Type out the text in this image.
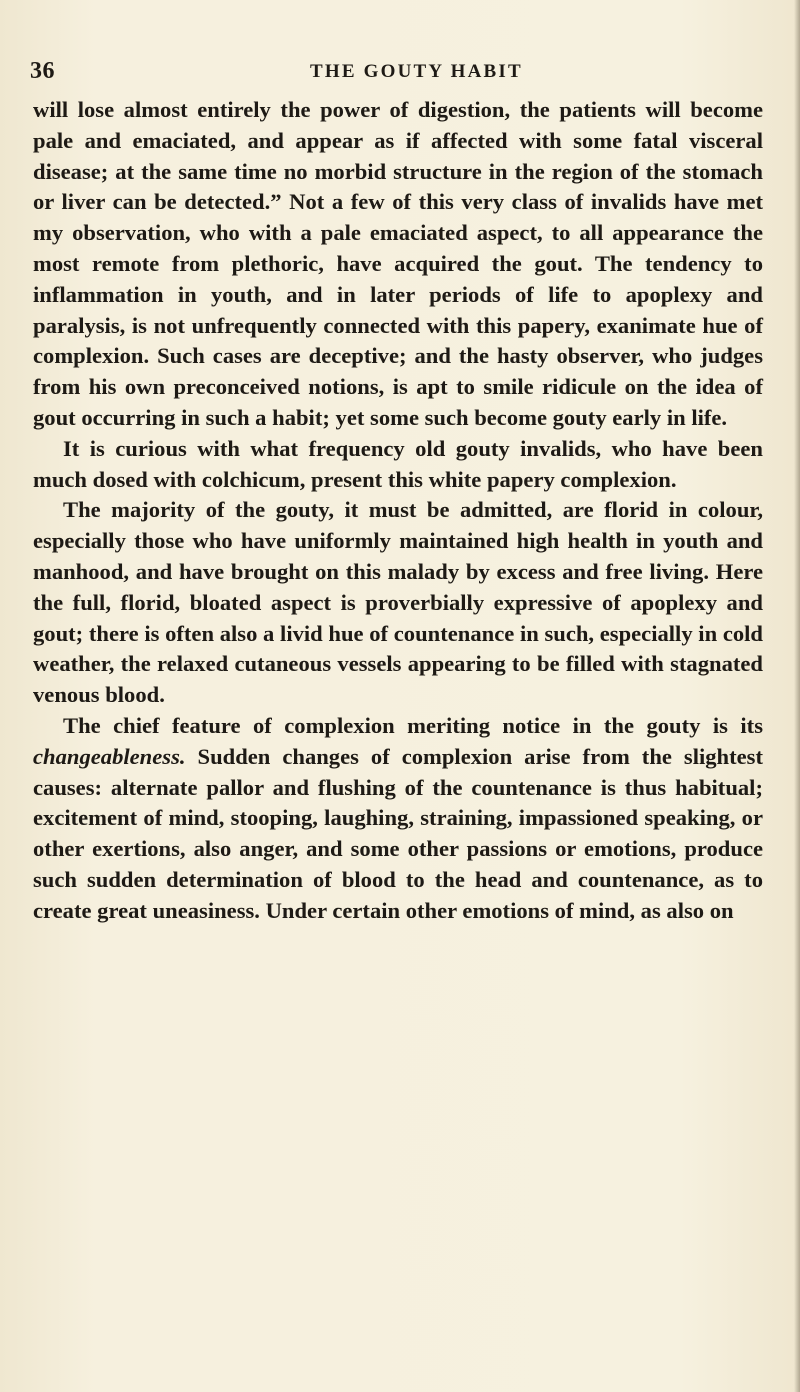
36	THE GOUTY HABIT

will lose almost entirely the power of digestion, the patients will become pale and emaciated, and appear as if affected with some fatal visceral disease; at the same time no morbid structure in the region of the stomach or liver can be detected.” Not a few of this very class of invalids have met my observation, who with a pale emaciated aspect, to all appearance the most remote from plethoric, have acquired the gout. The tendency to inflammation in youth, and in later periods of life to apoplexy and paralysis, is not unfrequently connected with this papery, exanimate hue of complexion. Such cases are deceptive; and the hasty observer, who judges from his own preconceived notions, is apt to smile ridicule on the idea of gout occurring in such a habit; yet some such become gouty early in life.

It is curious with what frequency old gouty invalids, who have been much dosed with colchicum, present this white papery complexion.

The majority of the gouty, it must be admitted, are florid in colour, especially those who have uniformly maintained high health in youth and manhood, and have brought on this malady by excess and free living. Here the full, florid, bloated aspect is proverbially expressive of apoplexy and gout; there is often also a livid hue of countenance in such, especially in cold weather, the relaxed cutaneous vessels appearing to be filled with stagnated venous blood.

The chief feature of complexion meriting notice in the gouty is its changeableness. Sudden changes of complexion arise from the slightest causes: alternate pallor and flushing of the countenance is thus habitual; excitement of mind, stooping, laughing, straining, impassioned speaking, or other exertions, also anger, and some other passions or emotions, produce such sudden determination of blood to the head and countenance, as to create great uneasiness. Under certain other emotions of mind, as also on
